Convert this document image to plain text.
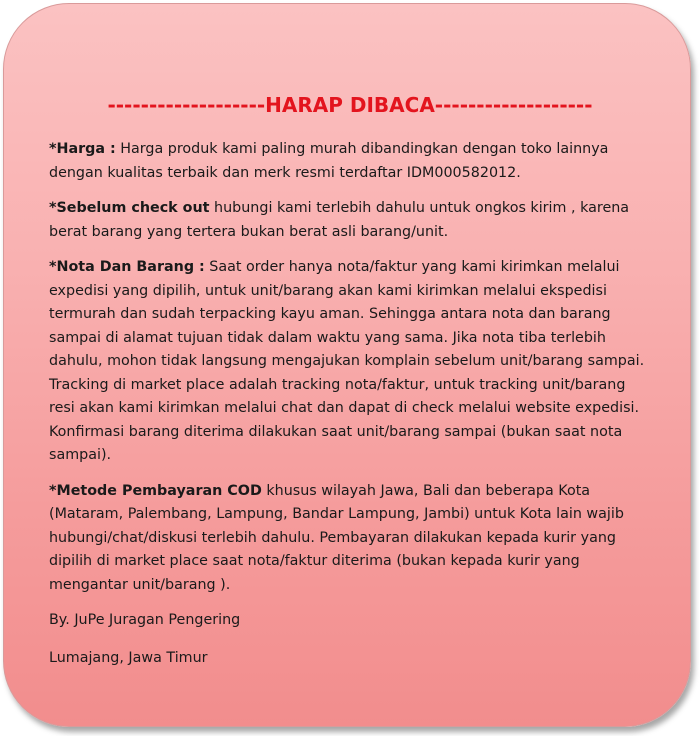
-------------------HARAP DIBACA-------------------

*Harga : Harga produk kami paling murah dibandingkan dengan toko lainnya dengan kualitas terbaik dan merk resmi terdaftar IDM000582012.

*Sebelum check out hubungi kami terlebih dahulu untuk ongkos kirim , karena berat barang yang tertera bukan berat asli barang/unit.

*Nota Dan Barang : Saat order hanya nota/faktur yang kami kirimkan melalui expedisi yang dipilih, untuk unit/barang akan kami kirimkan melalui ekspedisi termurah dan sudah terpacking kayu aman. Sehingga antara nota dan barang sampai di alamat tujuan tidak dalam waktu yang sama. Jika nota tiba terlebih dahulu, mohon tidak langsung mengajukan komplain sebelum unit/barang sampai. Tracking di market place adalah tracking nota/faktur, untuk tracking unit/barang resi akan kami kirimkan melalui chat dan dapat di check melalui website expedisi. Konfirmasi barang diterima dilakukan saat unit/barang sampai (bukan saat nota sampai).

*Metode Pembayaran COD khusus wilayah Jawa, Bali dan beberapa Kota (Mataram, Palembang, Lampung, Bandar Lampung, Jambi) untuk Kota lain wajib hubungi/chat/diskusi terlebih dahulu. Pembayaran dilakukan kepada kurir yang dipilih di market place saat nota/faktur diterima (bukan kepada kurir yang mengantar unit/barang ).

By. JuPe Juragan Pengering

Lumajang, Jawa Timur
